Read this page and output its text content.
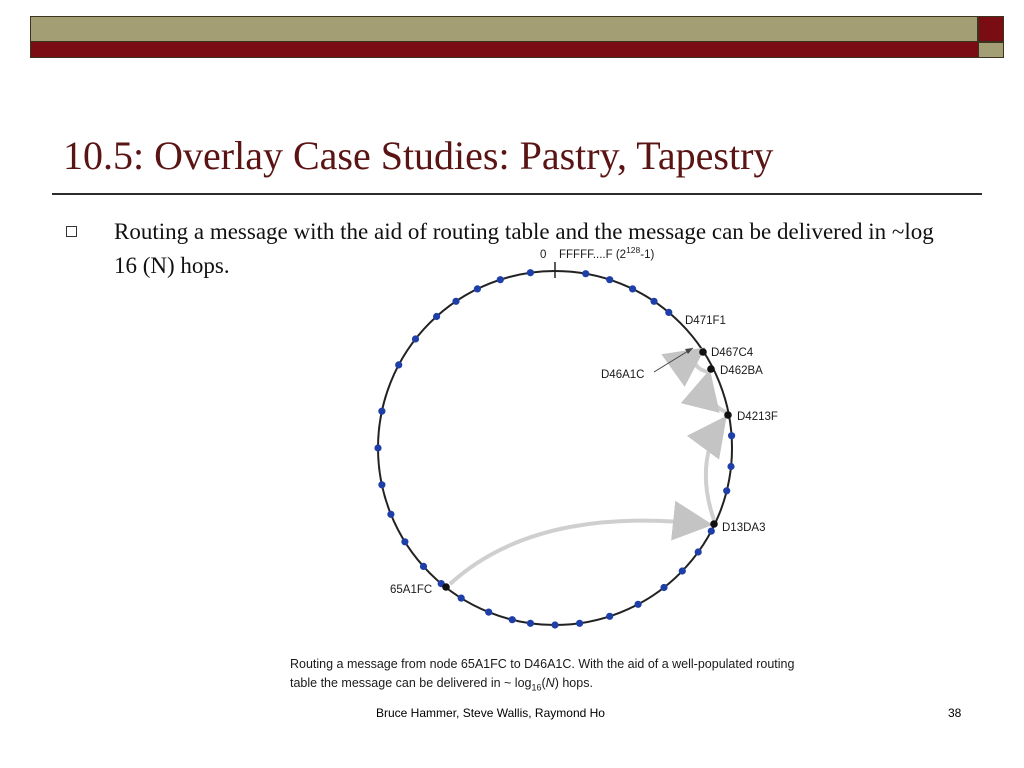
10.5: Overlay Case Studies: Pastry, Tapestry
Routing a message with the aid of routing table and the message can be delivered in ~log 16 (N) hops.	0 FFFFF....F $(2^{128}-1)$
D471F1
D467C4
D46A1C	D462BA
D4213F
D13DA3
65A1FC
Routing a message from node 65A1FC to D46A1C. With the aid of a well-populated routing
table the message can be delivered in ~ $\log_{16}(N)$ hops.
Bruce Hammer, Steve Wallis, Raymond Ho	38
